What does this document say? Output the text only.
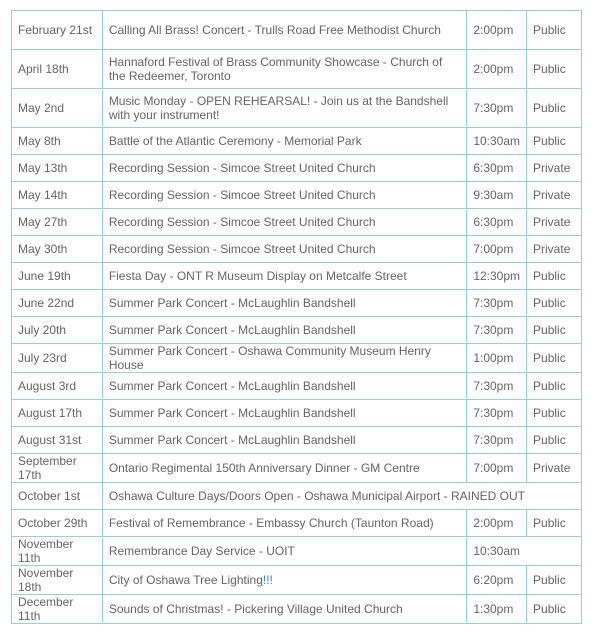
February 21st	Calling All Brass! Concert - Trulls Road Free Methodist Church	2:00pm	Public
April 18th	Hannaford Festival of Brass Community Showcase - Church of the Redeemer, Toronto	2:00pm	Public
May 2nd	Music Monday - OPEN REHEARSAL! - Join us at the Bandshell with your instrument!	7:30pm	Public
May 8th	Battle of the Atlantic Ceremony - Memorial Park	10:30am	Public
May 13th	Recording Session - Simcoe Street United Church	6:30pm	Private
May 14th	Recording Session - Simcoe Street United Church	9:30am	Private
May 27th	Recording Session - Simcoe Street United Church	6:30pm	Private
May 30th	Recording Session - Simcoe Street United Church	7:00pm	Private
June 19th	Fiesta Day - ONT R Museum Display on Metcalfe Street	12:30pm	Public
June 22nd	Summer Park Concert - McLaughlin Bandshell	7:30pm	Public
July 20th	Summer Park Concert - McLaughlin Bandshell	7:30pm	Public
July 23rd	Summer Park Concert - Oshawa Community Museum Henry House	1:00pm	Public
August 3rd	Summer Park Concert - McLaughlin Bandshell	7:30pm	Public
August 17th	Summer Park Concert - McLaughlin Bandshell	7:30pm	Public
August 31st	Summer Park Concert - McLaughlin Bandshell	7:30pm	Public
September 17th	Ontario Regimental 150th Anniversary Dinner - GM Centre	7:00pm	Private
October 1st	Oshawa Culture Days/Doors Open - Oshawa Municipal Airport - RAINED OUT		
October 29th	Festival of Remembrance - Embassy Church (Taunton Road)	2:00pm	Public
November 11th	Remembrance Day Service - UOIT	10:30am	
November 18th	City of Oshawa Tree Lighting!!!	6:20pm	Public
December 11th	Sounds of Christmas! - Pickering Village United Church	1:30pm	Public
